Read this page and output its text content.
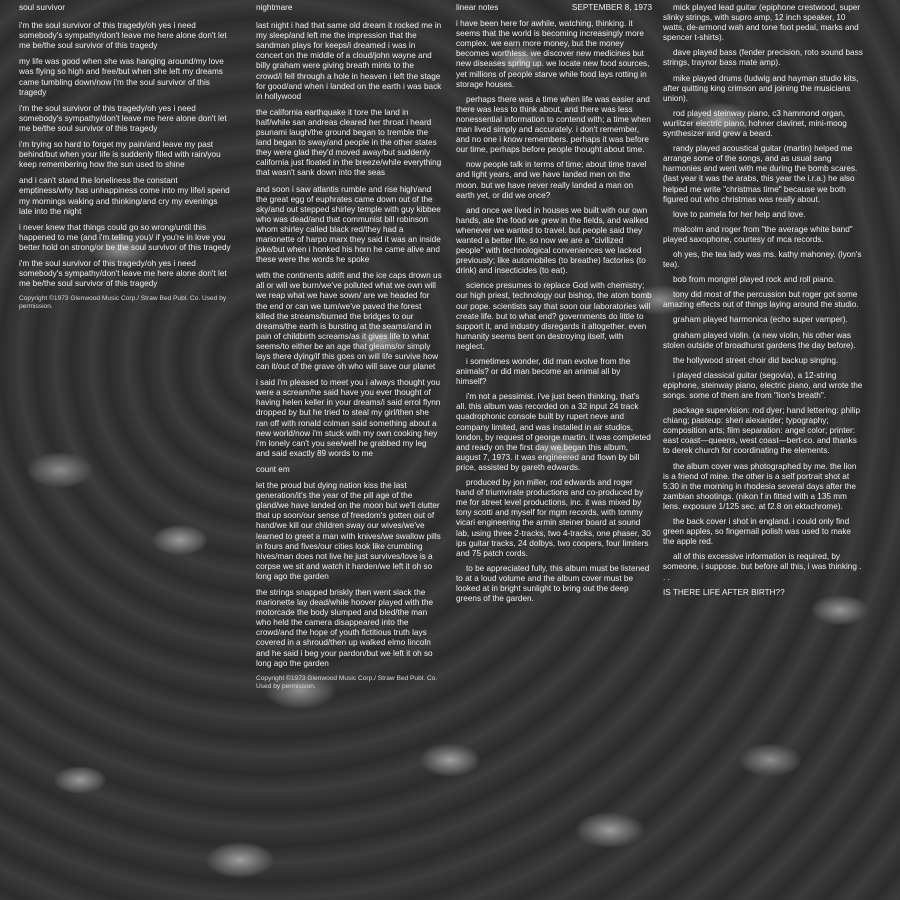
soul survivor

i'm the soul survivor of this tragedy/oh yes i need somebody's sympathy/don't leave me here alone don't let me be/the soul survivor of this tragedy

my life was good when she was hanging around/my love was flying so high and free/but when she left my dreams came tumbling down/now i'm the soul survivor of this tragedy

i'm the soul survivor of this tragedy/oh yes i need somebody's sympathy/don't leave me here alone don't let me be/the soul survivor of this tragedy

i'm trying so hard to forget my pain/and leave my past behind/but when your life is suddenly filled with rain/you keep remembering how the sun used to shine

and i can't stand the loneliness the constant emptiness/why has unhappiness come into my life/i spend my mornings waking and thinking/and cry my evenings late into the night

i never knew that things could go so wrong/until this happened to me (and i'm telling you)/ if you're in love you better hold on strong/or be the soul survivor of this tragedy

i'm the soul survivor of this tragedy/oh yes i need somebody's sympathy/don't leave me here alone don't let me be/the soul survivor of this tragedy

Copyright ©1973 Glenwood Music Corp./ Straw Bed Publ. Co. Used by permission.

nightmare

last night i had that same old dream it rocked me in my sleep/and left me the impression that the sandman plays for keeps/i dreamed i was in concert on the middle of a cloud/john wayne and billy graham were giving breath mints to the crowd/i fell through a hole in heaven i left the stage for good/and when i landed on the earth i was back in hollywood

the california earthquake it tore the land in half/while san andreas cleared her throat i heard psunami laugh/the ground began to tremble the land began to sway/and people in the other states they were glad they'd moved away/but suddenly california just floated in the breeze/while everything that wasn't sank down into the seas

and soon i saw atlantis rumble and rise high/and the great egg of euphrates came down out of the sky/and out stepped shirley temple with guy kibbee who was dead/and that communist bill robinson whom shirley called black red/they had a marionette of harpo marx they said it was an inside joke/but when i honked his horn he came alive and these were the words he spoke

with the continents adrift and the ice caps drown us all or will we burn/we've polluted what we own will we reap what we have sown/ are we headed for the end or can we turn/we've paved the forest killed the streams/burned the bridges to our dreams/the earth is bursting at the seams/and in pain of childbirth screams/as it gives life to what seems/to either be an age that gleams/or simply lays there dying/if this goes on will life survive how can it/out of the grave oh who will save our planet

i said i'm pleased to meet you i always thought you were a scream/he said have you ever thought of having helen keller in your dreams/i said errol flynn dropped by but he tried to steal my girl/then she ran off with ronald colman said something about a new world/now i'm stuck with my own cooking hey i'm lonely can't you see/well he grabbed my leg and said exactly 89 words to me

count em

let the proud but dying nation kiss the last generation/it's the year of the pill age of the gland/we have landed on the moon but we'll clutter that up soon/our sense of freedom's gotten out of hand/we kill our children sway our wives/we've learned to greet a man with knives/we swallow pills in fours and fives/our cities look like crumbling hives/man does not live he just survives/love is a corpse we sit and watch it harden/we left it oh so long ago the garden

the strings snapped briskly then went slack the marionette lay dead/while hoover played with the motorcade the body slumped and bled/the man who held the camera disappeared into the crowd/and the hope of youth fictitious truth lays covered in a shroud/then up walked elmo lincoln and he said i beg your pardon/but we left it oh so long ago the garden

Copyright ©1973 Glenwood Music Corp./ Straw Bed Publ. Co. Used by permission.
linear notes	SEPTEMBER 8, 1973

i have been here for awhile, watching, thinking. it seems that the world is becoming increasingly more complex. we earn more money, but the money becomes worthless. we discover new medicines but new diseases spring up. we locate new food sources, yet millions of people starve while food lays rotting in storage houses.

perhaps there was a time when life was easier and there was less to think about, and there was less nonessential information to contend with; a time when man lived simply and accurately. i don't remember, and no one i know remembers. perhaps it was before our time, perhaps before people thought about time.

now people talk in terms of time; about time travel and light years, and we have landed men on the moon. but we have never really landed a man on earth yet, or did we once?

and once we lived in houses we built with our own hands, ate the food we grew in the fields, and walked whenever we wanted to travel. but people said they wanted a better life. so now we are a "civilized people" with technological conveniences we lacked previously; like automobiles (to breathe) factories (to drink) and insecticides (to eat).

science presumes to replace God with chemistry; our high priest, technology our bishop, the atom bomb our pope. scientists say that soon our laboratories will create life. but to what end? governments do little to support it, and industry disregards it altogether. even humanity seems bent on destroying itself, with neglect.

i sometimes wonder, did man evolve from the animals? or did man become an animal all by himself?

i'm not a pessimist. i've just been thinking, that's all. this album was recorded on a 32 input 24 track quadrophonic console built by rupert neve and company limited, and was installed in air studios, london, by request of george martin. it was completed and ready on the first day we began this album, august 7, 1973. it was engineered and flown by bill price, assisted by gareth edwards.

produced by jon miller, rod edwards and roger hand of triumvirate productions and co-produced by me for street level productions, inc. it was mixed by tony scotti and myself for mgm records, with tommy vicari engineering the armin steiner board at sound lab, using three 2-tracks, two 4-tracks, one phaser, 30 ips guitar tracks, 24 dolbys, two coopers, four limiters and 75 patch cords.

to be appreciated fully, this album must be listened to at a loud volume and the album cover must be looked at in bright sunlight to bring out the deep greens of the garden.

mick played lead guitar (epiphone crestwood, super slinky strings, with supro amp, 12 inch speaker, 10 watts, de-armond wah and tone foot pedal, marks and spencer t-shirts).

dave played bass (fender precision, roto sound bass strings, traynor bass mate amp).

mike played drums (ludwig and hayman studio kits, after quitting king crimson and joining the musicians union).

rod played steinway piano, c3 hammond organ, wurlitzer electric piano, hohner clavinet, mini-moog synthesizer and grew a beard.

randy played acoustical guitar (martin) helped me arrange some of the songs, and as usual sang harmonies and went with me during the bomb scares. (last year it was the arabs, this year the i.r.a.) he also helped me write "christmas time" because we both figured out who christmas was really about.

love to pamela for her help and love.

malcolm and roger from "the average white band" played saxophone, courtesy of mca records.

oh yes, the tea lady was ms. kathy mahoney. (lyon's tea).

bob from mongrel played rock and roll piano.

tony did most of the percussion but roger got some amazing effects out of things laying around the studio.

graham played harmonica (echo super vamper).

graham played violin. (a new violin, his other was stolen outside of broadhurst gardens the day before).

the hollywood street choir did backup singing.

i played classical guitar (segovia), a 12-string epiphone, steinway piano, electric piano, and wrote the songs. some of them are from "lion's breath".

package supervision: rod dyer; hand lettering: philip chiang; pasteup: sheri alexander; typography; composition arts; film separation: angel color; printer: east coast—queens, west coast—bert-co. and thanks to derek church for coordinating the elements.

the album cover was photographed by me. the lion is a friend of mine. the other is a self portrait shot at 5:30 in the morning in rhodesia several days after the zambian shootings. (nikon f in fitted with a 135 mm lens. exposure 1/125 sec. at f2.8 on ektachrome).

the back cover i shot in england. i could only find green apples, so fingernail polish was used to make the apple red.

all of this excessive information is required, by someone, i suppose. but before all this, i was thinking . . .

IS THERE LIFE AFTER BIRTH??
